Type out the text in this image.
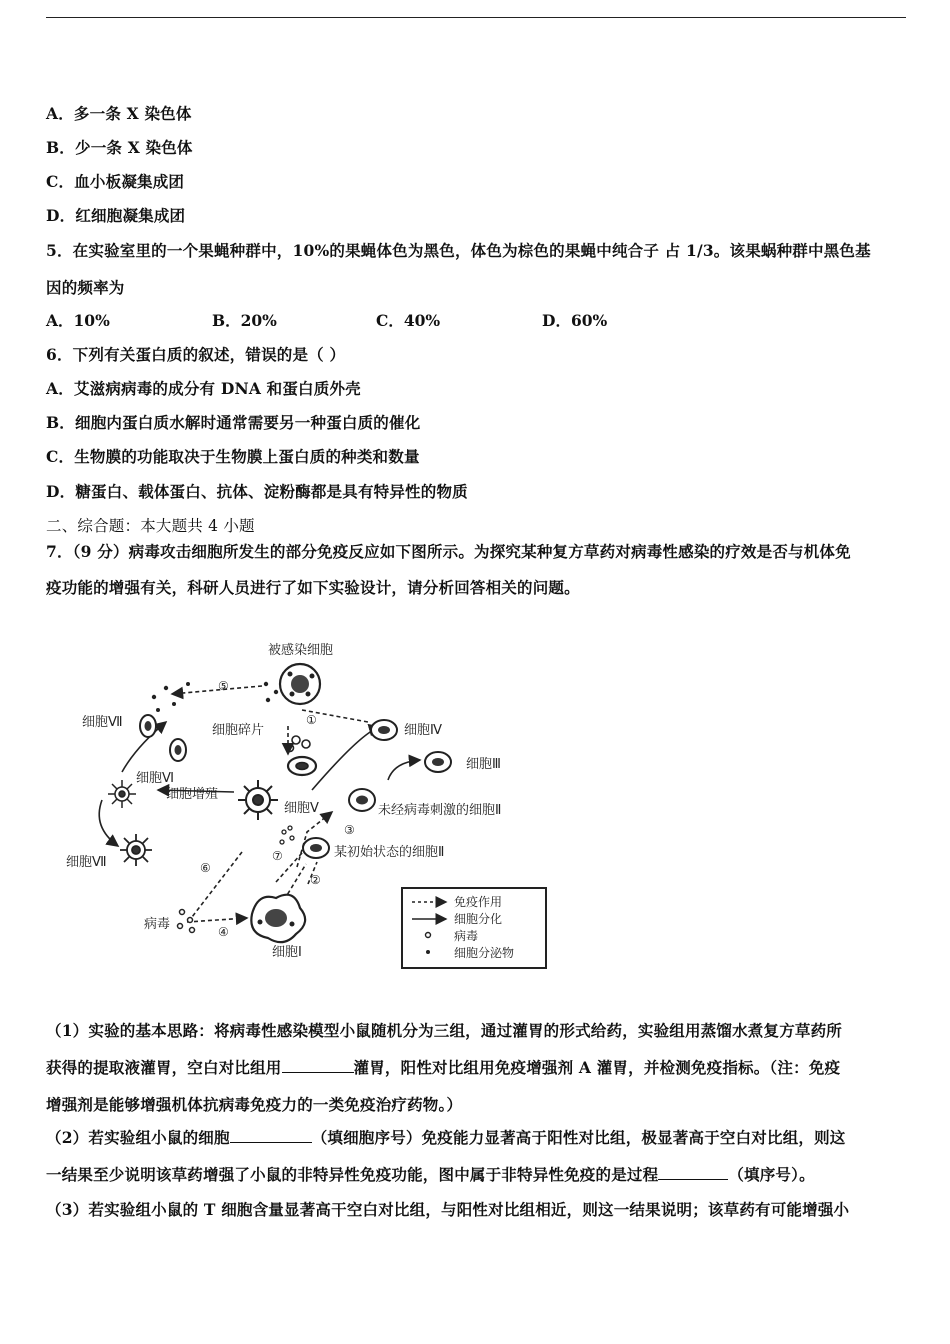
A．多一条 X 染色体
B．少一条 X 染色体
C．血小板凝集成团
D．红细胞凝集成团
5．在实验室里的一个果蝇种群中，10%的果蝇体色为黑色，体色为棕色的果蝇中纯合子 占 1/3。该果蜗种群中黑色基
因的频率为
A．10%	B．20%	C．40%	D．60%
6．下列有关蛋白质的叙述，错误的是（ ）
A．艾滋病病毒的成分有 DNA 和蛋白质外壳
B．细胞内蛋白质水解时通常需要另一种蛋白质的催化
C．生物膜的功能取决于生物膜上蛋白质的种类和数量
D．糖蛋白、载体蛋白、抗体、淀粉酶都是具有特异性的物质
二、综合题：本大题共 4 小题
7．（9 分）病毒攻击细胞所发生的部分免疫反应如下图所示。为探究某种复方草药对病毒性感染的疗效是否与机体免
疫功能的增强有关，科研人员进行了如下实验设计，请分析回答相关的问题。
被感染细胞
细胞碎片	细胞Ⅳ
细胞Ⅲ
细胞Ⅶ
细胞Ⅵ
细胞增殖
细胞Ⅴ	未经病毒刺激的细胞Ⅱ
某初始状态的细胞Ⅱ
细胞Ⅶ
病毒
细胞Ⅰ
⑤
①
③
⑦
⑥
②
④
免疫作用
细胞分化
病毒
细胞分泌物
（1）实验的基本思路：将病毒性感染模型小鼠随机分为三组，通过灌胃的形式给药，实验组用蒸馏水煮复方草药所
获得的提取液灌胃，空白对比组用	灌胃，阳性对比组用免疫增强剂 A 灌胃，并检测免疫指标。（注：免疫
增强剂是能够增强机体抗病毒免疫力的一类免疫治疗药物。）
（2）若实验组小鼠的细胞	（填细胞序号）免疫能力显著高于阳性对比组，极显著高于空白对比组，则这
一结果至少说明该草药增强了小鼠的非特异性免疫功能，图中属于非特异性免疫的是过程	（填序号）。
（3）若实验组小鼠的 T 细胞含量显著高干空白对比组，与阳性对比组相近，则这一结果说明；该草药有可能增强小
